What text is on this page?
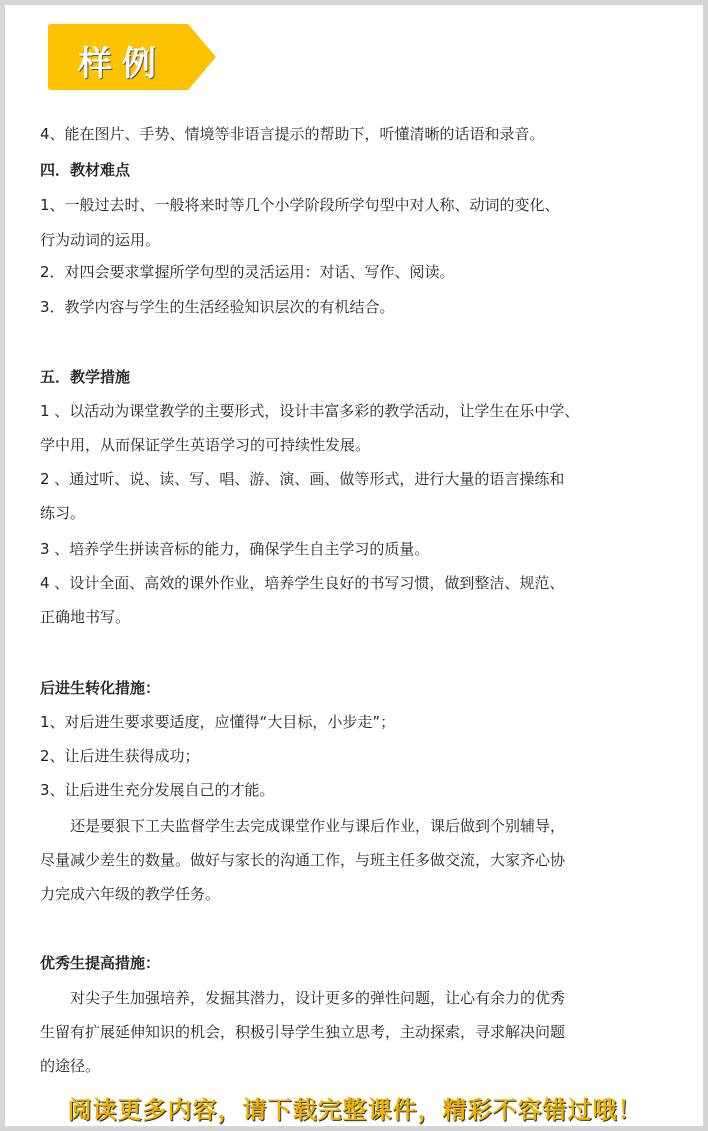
样例
4、能在图片、手势、情境等非语言提示的帮助下，听懂清晰的话语和录音。
四．教材难点
1、一般过去时、一般将来时等几个小学阶段所学句型中对人称、动词的变化、
行为动词的运用。
2．对四会要求掌握所学句型的灵活运用：对话、写作、阅读。
3．教学内容与学生的生活经验知识层次的有机结合。
五．教学措施
1 、以活动为课堂教学的主要形式，设计丰富多彩的教学活动，让学生在乐中学、
学中用，从而保证学生英语学习的可持续性发展。
2 、通过听、说、读、写、唱、游、演、画、做等形式，进行大量的语言操练和
练习。
3 、培养学生拼读音标的能力，确保学生自主学习的质量。
4 、设计全面、高效的课外作业，培养学生良好的书写习惯，做到整洁、规范、
正确地书写。
后进生转化措施：
1、对后进生要求要适度，应懂得“大目标，小步走”；
2、让后进生获得成功；
3、让后进生充分发展自己的才能。
　　还是要狠下工夫监督学生去完成课堂作业与课后作业，课后做到个别辅导，
尽量减少差生的数量。做好与家长的沟通工作，与班主任多做交流，大家齐心协
力完成六年级的教学任务。
优秀生提高措施：
　　对尖子生加强培养，发掘其潜力，设计更多的弹性问题，让心有余力的优秀
生留有扩展延伸知识的机会，积极引导学生独立思考，主动探索，寻求解决问题
的途径。
阅读更多内容，请下载完整课件，精彩不容错过哦！
